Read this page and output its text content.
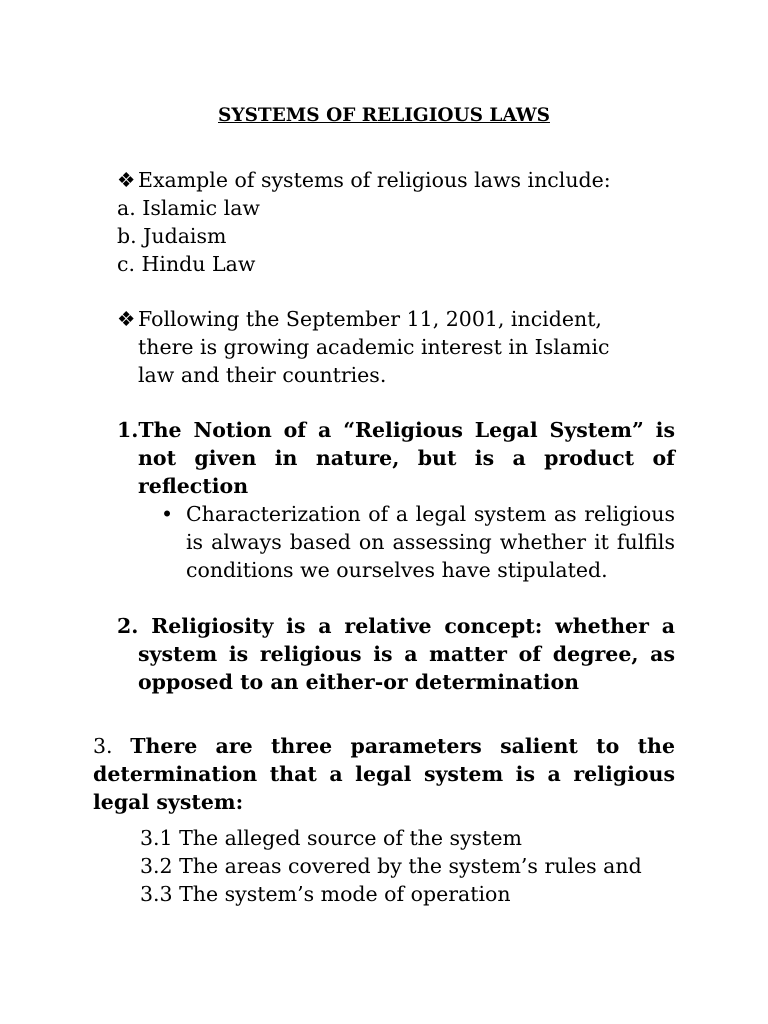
SYSTEMS OF RELIGIOUS LAWS
❖ Example of systems of religious laws include:
a. Islamic law
b. Judaism
c. Hindu Law
❖ Following the September 11, 2001, incident,
there is growing academic interest in Islamic
law and their countries.
1.The Notion of a “Religious Legal System” is not given in nature, but is a product of reflection
• Characterization of a legal system as religious is always based on assessing whether it fulfils conditions we ourselves have stipulated.
2. Religiosity is a relative concept: whether a system is religious is a matter of degree, as opposed to an either-or determination
3. There are three parameters salient to the determination that a legal system is a religious legal system:
3.1 The alleged source of the system
3.2 The areas covered by the system’s rules and
3.3 The system’s mode of operation
